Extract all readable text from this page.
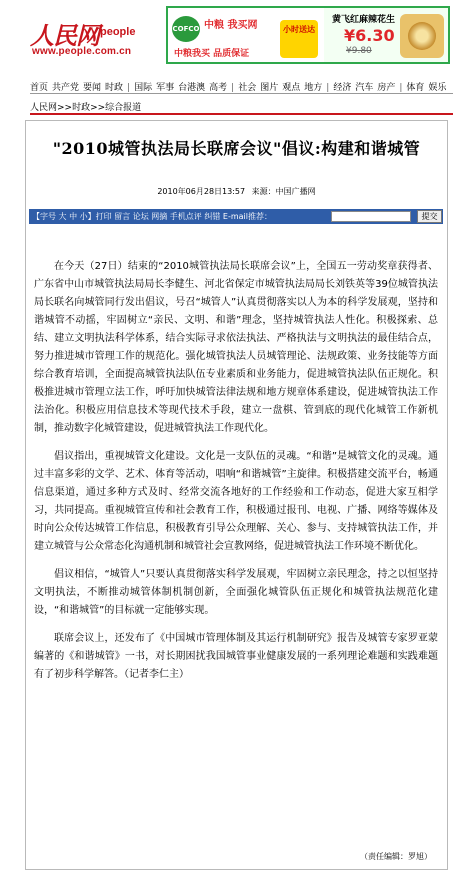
人民网 people
www.people.com.cn
COFCO 中粮 我买网
中粮我买 品质保证
小时送达
黄飞红麻辣花生
¥6.30
¥9.80
首页 共产党 要闻 时政 | 国际 军事 台港澳 高考 | 社会 图片 观点 地方 | 经济 汽车 房产 | 体育 娱乐
人民网>>时政>>综合报道
"2010城管执法局长联席会议"倡议:构建和谐城管
2010年06月28日13:57 来源：中国广播网
【字号 大 中 小】打印 留言 论坛 网摘 手机点评 纠错 E-mail推荐：	提交

在今天（27日）结束的“2010城管执法局长联席会议”上，全国五一劳动奖章获得者、广东省中山市城管执法局局长李健生、河北省保定市城管执法局局长刘铁英等39位城管执法局长联名向城管同行发出倡议，号召“城管人”认真贯彻落实以人为本的科学发展观，坚持和谐城管不动摇，牢固树立“亲民、文明、和谐”理念，坚持城管执法人性化。积极探索、总结、建立文明执法科学体系，结合实际寻求依法执法、严格执法与文明执法的最佳结合点，努力推进城市管理工作的规范化。强化城管执法人员城管理论、法规政策、业务技能等方面综合教育培训，全面提高城管执法队伍专业素质和业务能力，促进城管执法队伍正规化。积极推进城市管理立法工作，呼吁加快城管法律法规和地方规章体系建设，促进城管执法工作法治化。积极应用信息技术等现代技术手段，建立一盘棋、管到底的现代化城管工作新机制，推动数字化城管建设，促进城管执法工作现代化。

倡议指出，重视城管文化建设。文化是一支队伍的灵魂。“和谐”是城管文化的灵魂。通过丰富多彩的文学、艺术、体育等活动，唱响“和谐城管”主旋律。积极搭建交流平台，畅通信息渠道，通过多种方式及时、经常交流各地好的工作经验和工作动态，促进大家互相学习，共同提高。重视城管宣传和社会教育工作，积极通过报刊、电视、广播、网络等媒体及时向公众传达城管工作信息，积极教育引导公众理解、关心、参与、支持城管执法工作，并建立城管与公众常态化沟通机制和城管社会宣教网络，促进城管执法工作环境不断优化。

倡议相信，“城管人”只要认真贯彻落实科学发展观，牢固树立亲民理念，持之以恒坚持文明执法，不断推动城管体制机制创新，全面强化城管队伍正规化和城管执法规范化建设，“和谐城管”的目标就一定能够实现。

联席会议上，还发布了《中国城市管理体制及其运行机制研究》报告及城管专家罗亚蒙编著的《和谐城管》一书，对长期困扰我国城管事业健康发展的一系列理论难题和实践难题有了初步科学解答。（记者李仁主）

（责任编辑：罗旭）
